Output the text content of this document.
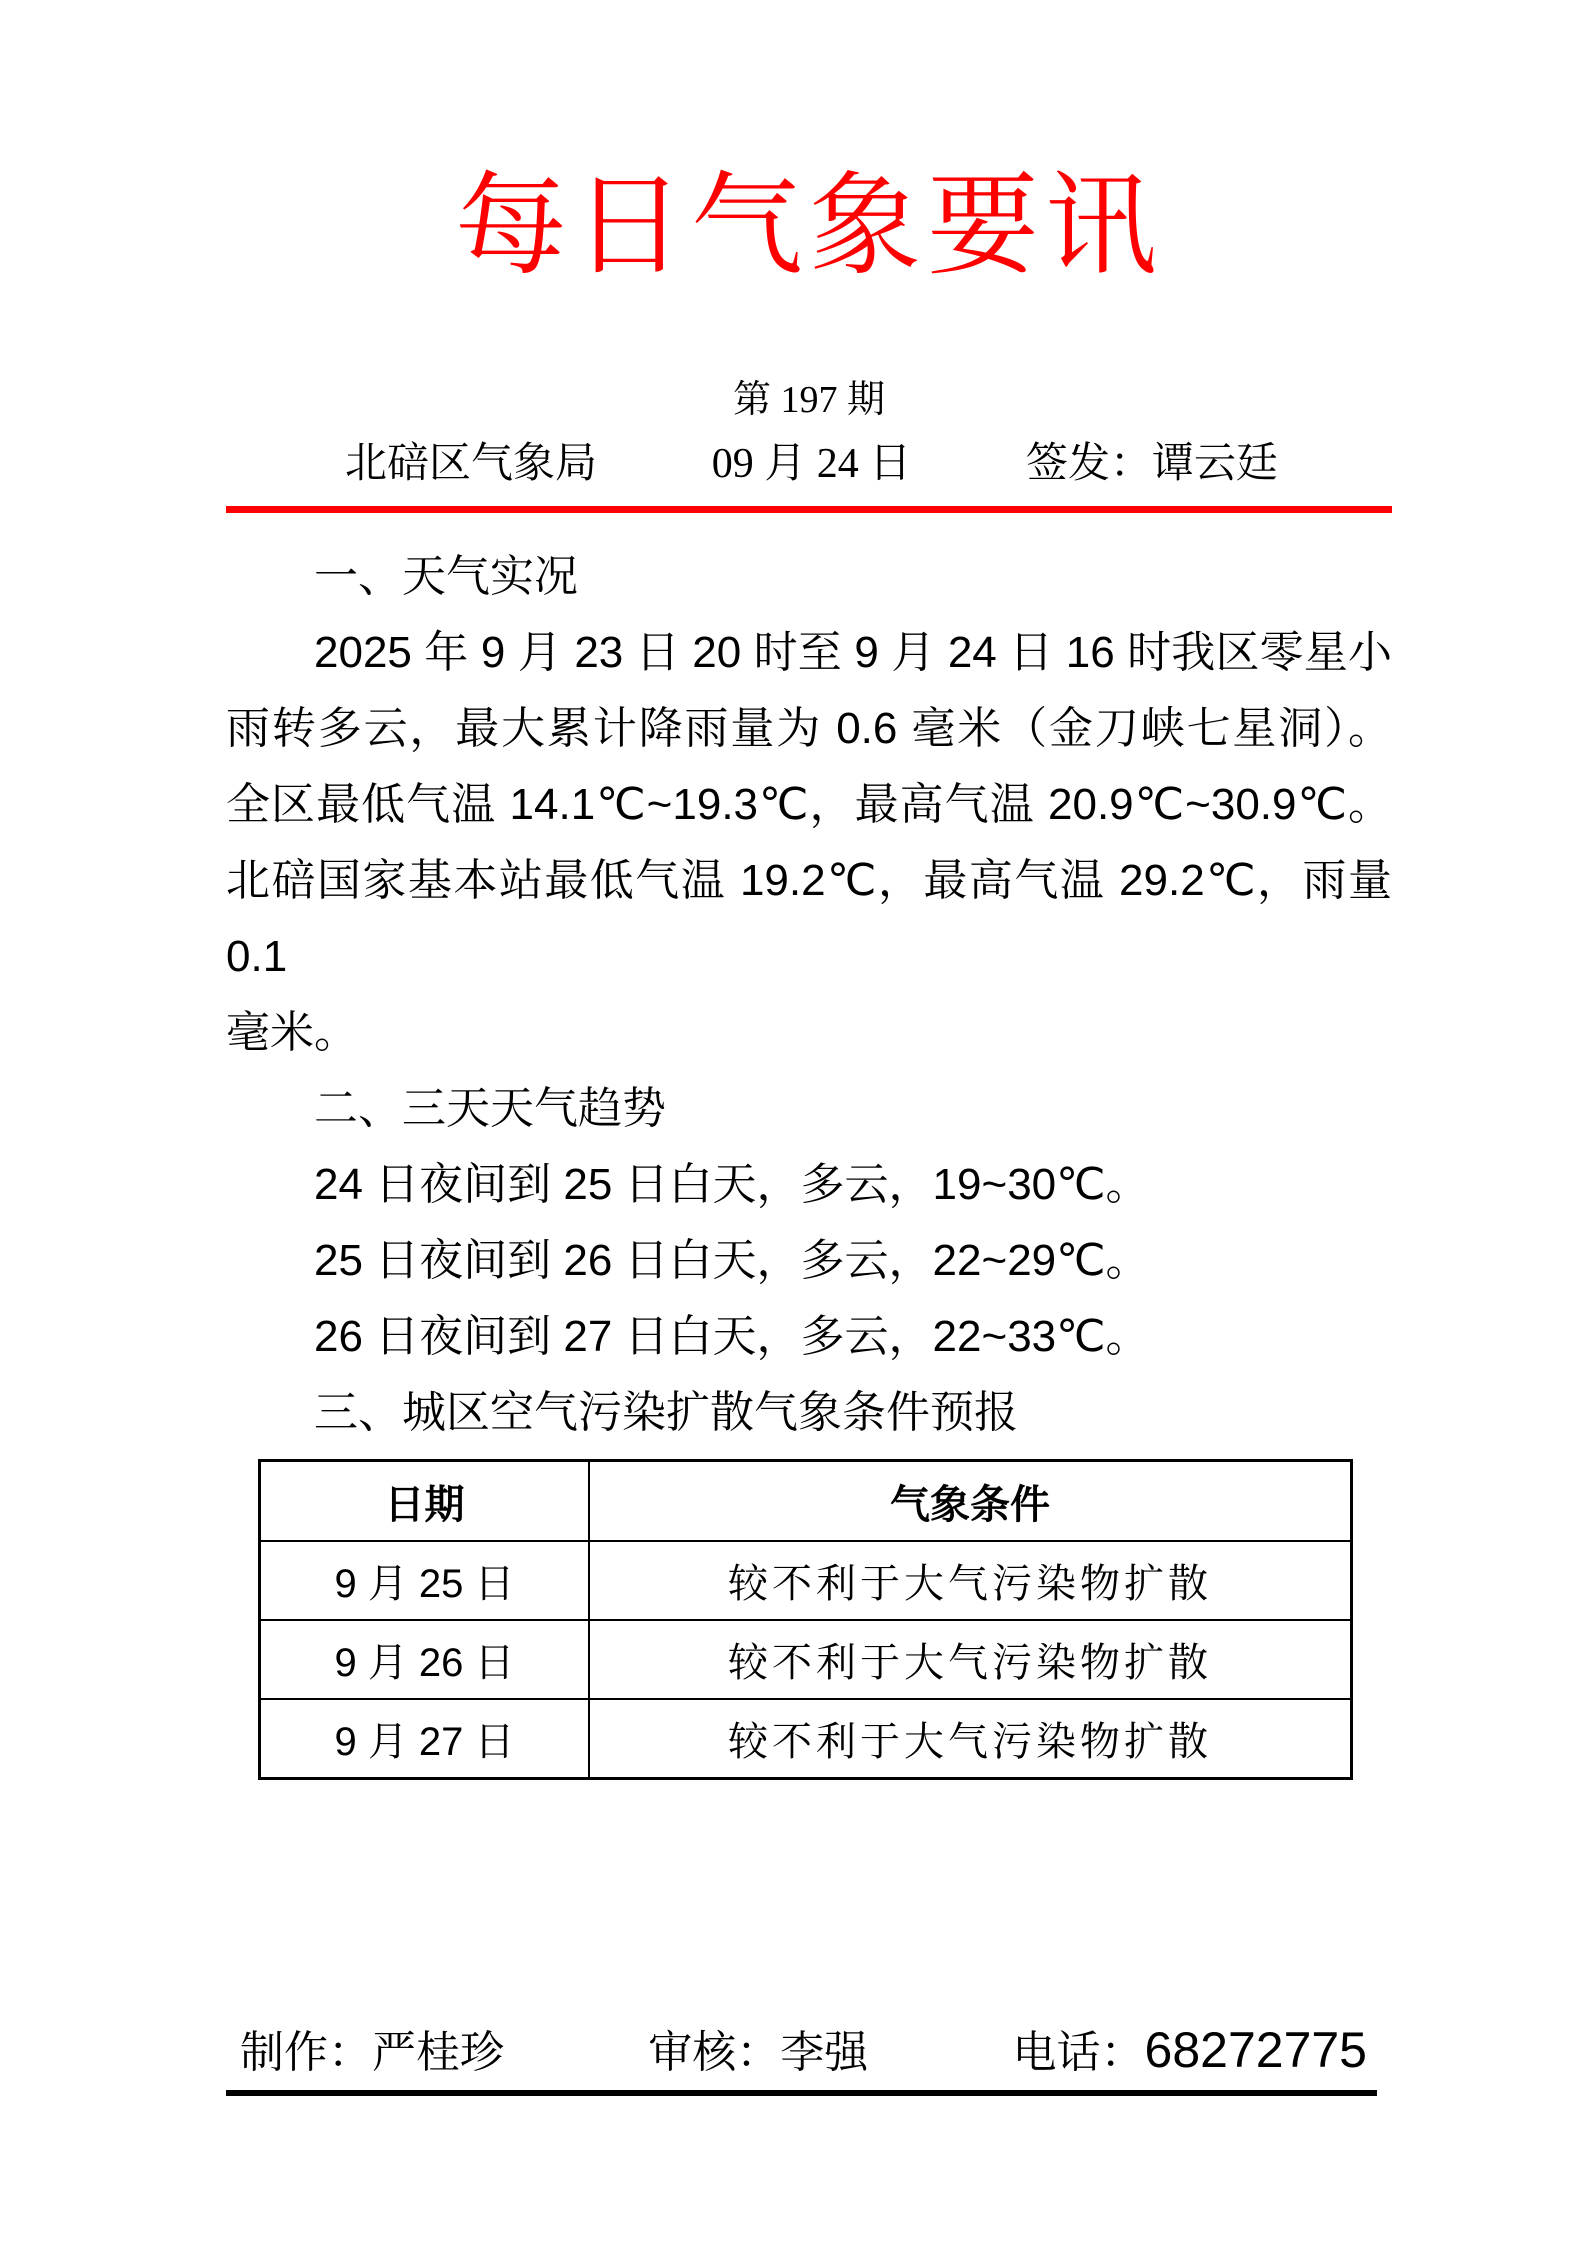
每日气象要讯
第 197 期
北碚区气象局	09 月 24 日	签发：谭云廷
一、天气实况
2025 年 9 月 23 日 20 时至 9 月 24 日 16 时我区零星小
雨转多云，最大累计降雨量为 0.6 毫米（金刀峡七星洞）。
全区最低气温 14.1℃~19.3℃，最高气温 20.9℃~30.9℃。
北碚国家基本站最低气温 19.2℃，最高气温 29.2℃，雨量 0.1
毫米。
二、三天天气趋势
24 日夜间到 25 日白天，多云，19~30℃。
25 日夜间到 26 日白天，多云，22~29℃。
26 日夜间到 27 日白天，多云，22~33℃。
三、城区空气污染扩散气象条件预报
日期	气象条件
9 月 25 日	较不利于大气污染物扩散
9 月 26 日	较不利于大气污染物扩散
9 月 27 日	较不利于大气污染物扩散
制作：严桂珍	审核：李强	电话：68272775
